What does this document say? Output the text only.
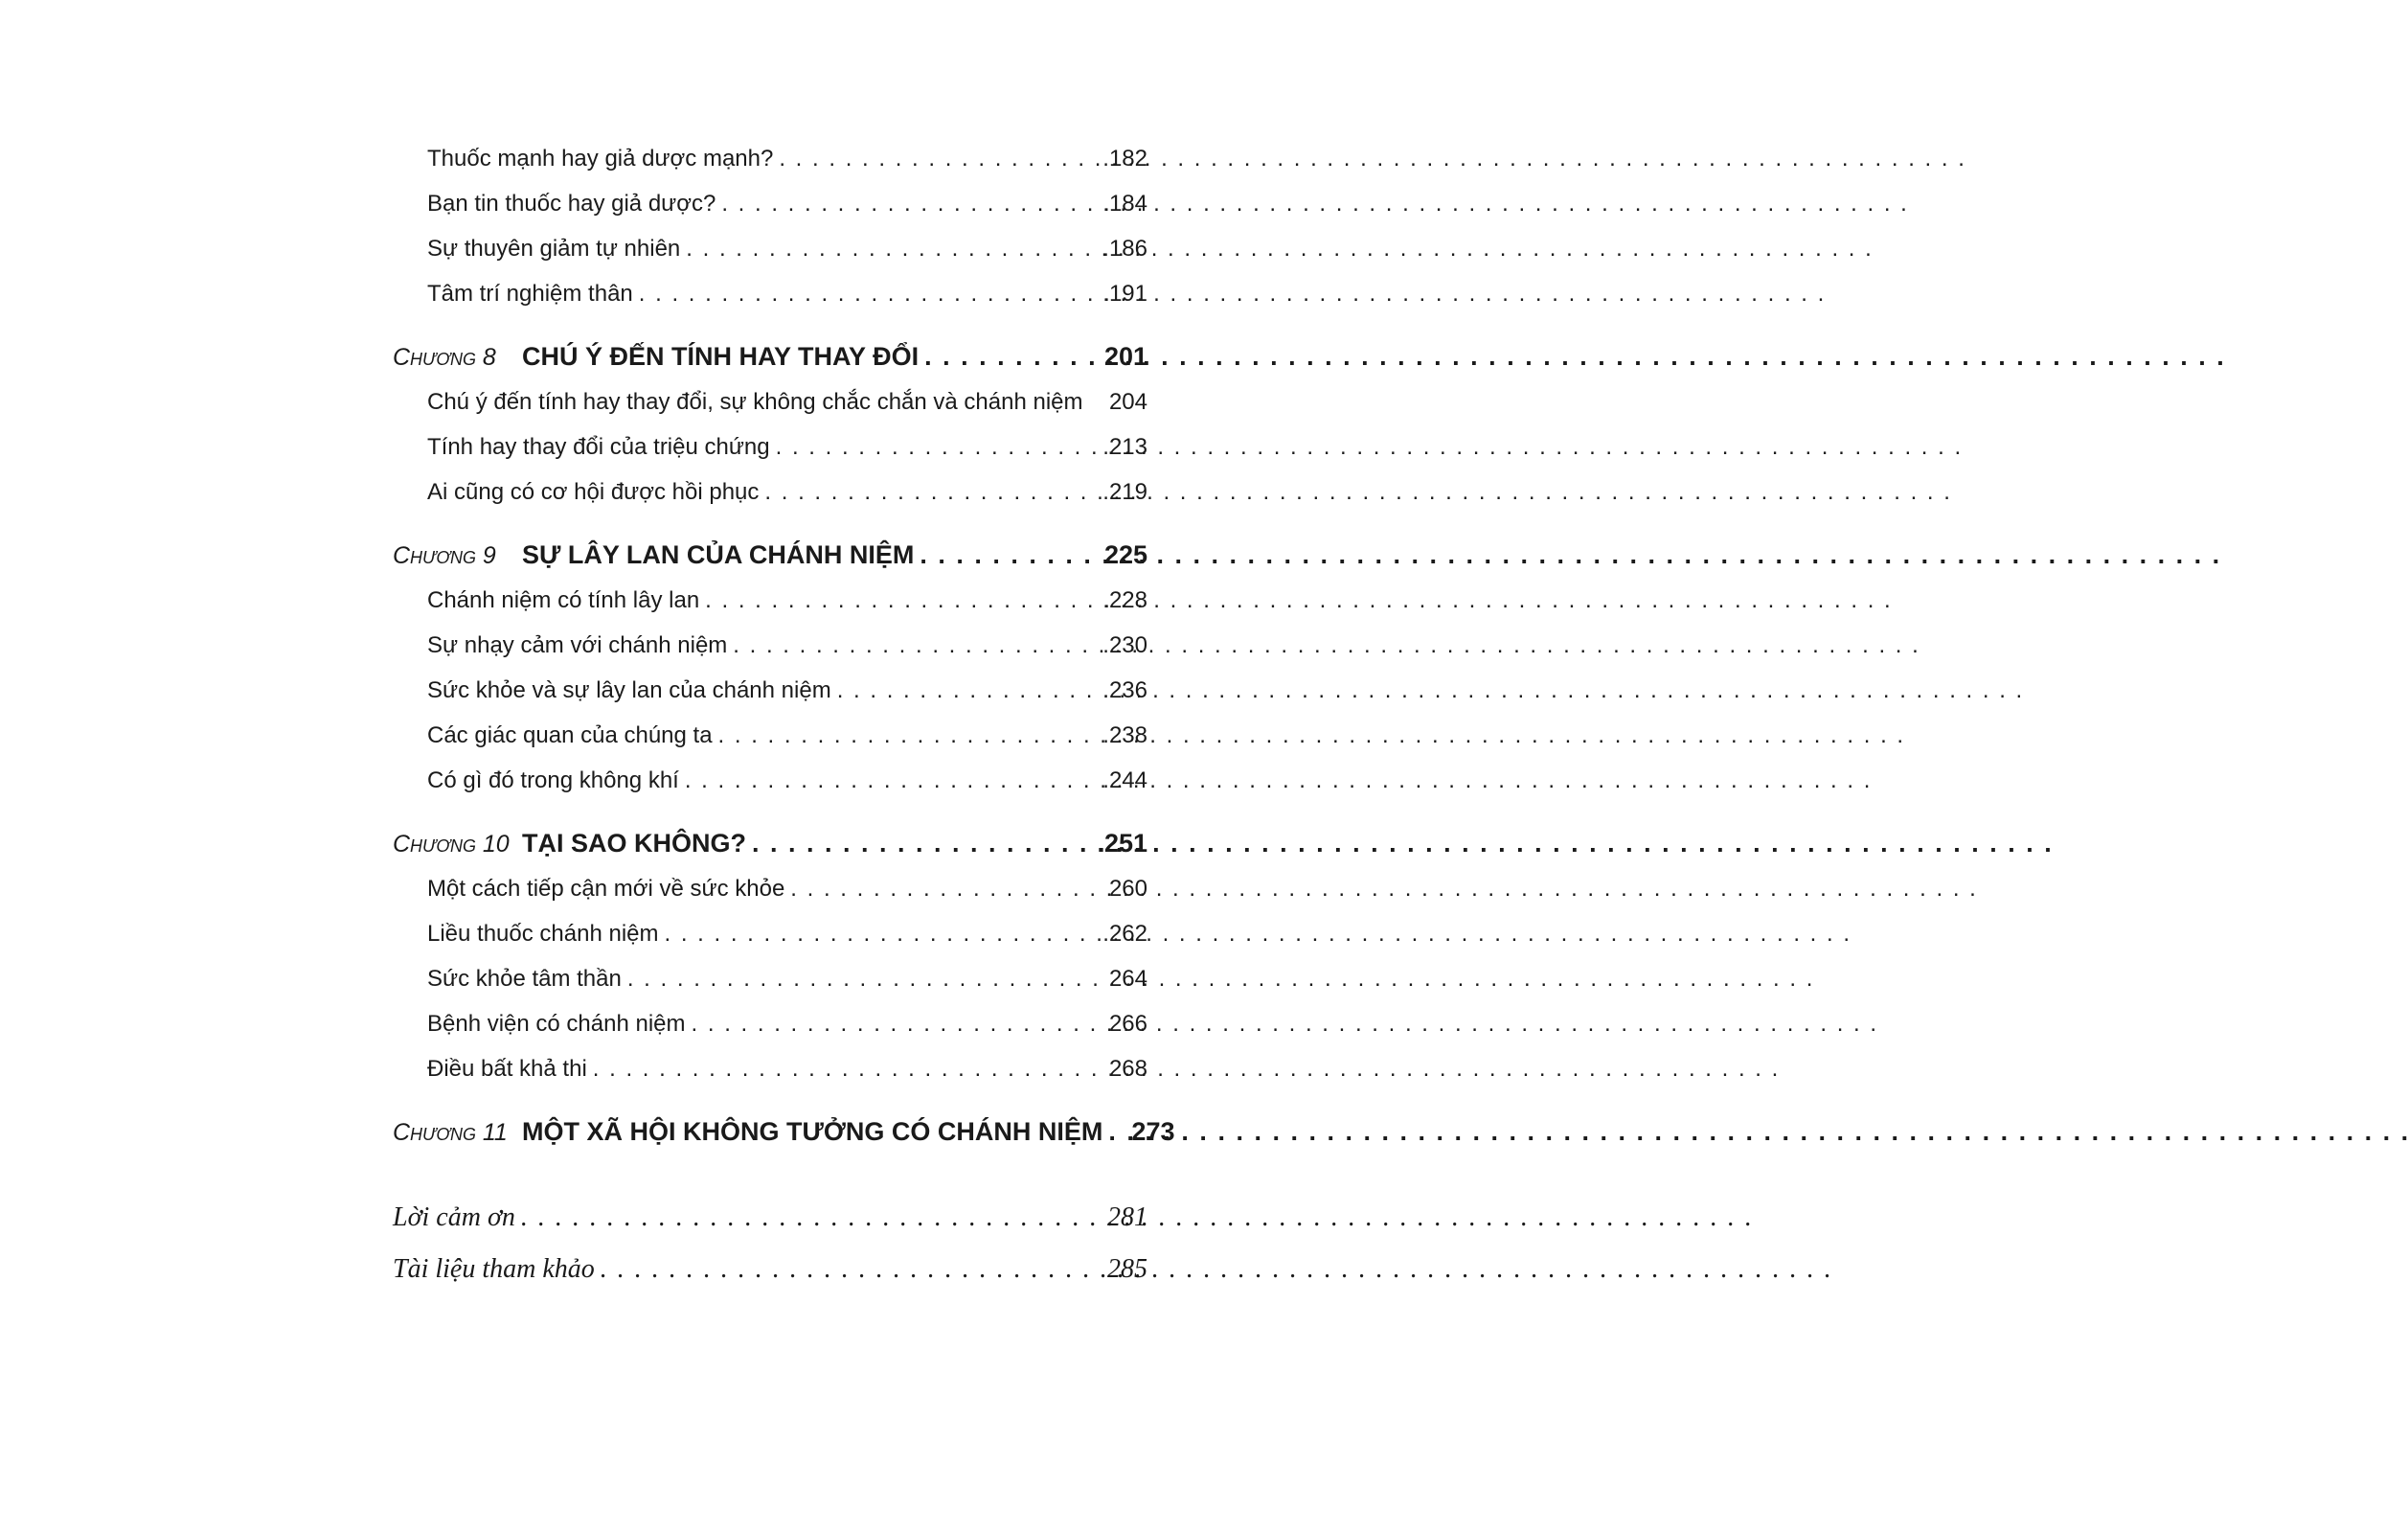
Thuốc mạnh hay giả dược mạnh? . . .	.182
Bạn tin thuốc hay giả dược? . . .	.184
Sự thuyên giảm tự nhiên . . .	.186
Tâm trí nghiệm thân . . .	.191
Chương 8	CHÚ Ý ĐẾN TÍNH HAY THAY ĐỔI . . .	201
Chú ý đến tính hay thay đổi, sự không chắc chắn và chánh niệm	204
Tính hay thay đổi của triệu chứng . . .	.213
Ai cũng có cơ hội được hồi phục . . .	.219
Chương 9	SỰ LÂY LAN CỦA CHÁNH NIỆM . . .	225
Chánh niệm có tính lây lan . . .	.228
Sự nhạy cảm với chánh niệm . . .	.230
Sức khỏe và sự lây lan của chánh niệm . . .	.236
Các giác quan của chúng ta . . .	.238
Có gì đó trong không khí . . .	.244
Chương 10 TẠI SAO KHÔNG? . . .	.251
Một cách tiếp cận mới về sức khỏe . . .	260
Liều thuốc chánh niệm . . .	.262
Sức khỏe tâm thần . . .	264
Bệnh viện có chánh niệm . . .	266
Điều bất khả thi . . .	268
Chương 11 MỘT XÃ HỘI KHÔNG TƯỞNG CÓ CHÁNH NIỆM . . . 273
Lời cảm ơn . . .	281
Tài liệu tham khảo . . .	285
